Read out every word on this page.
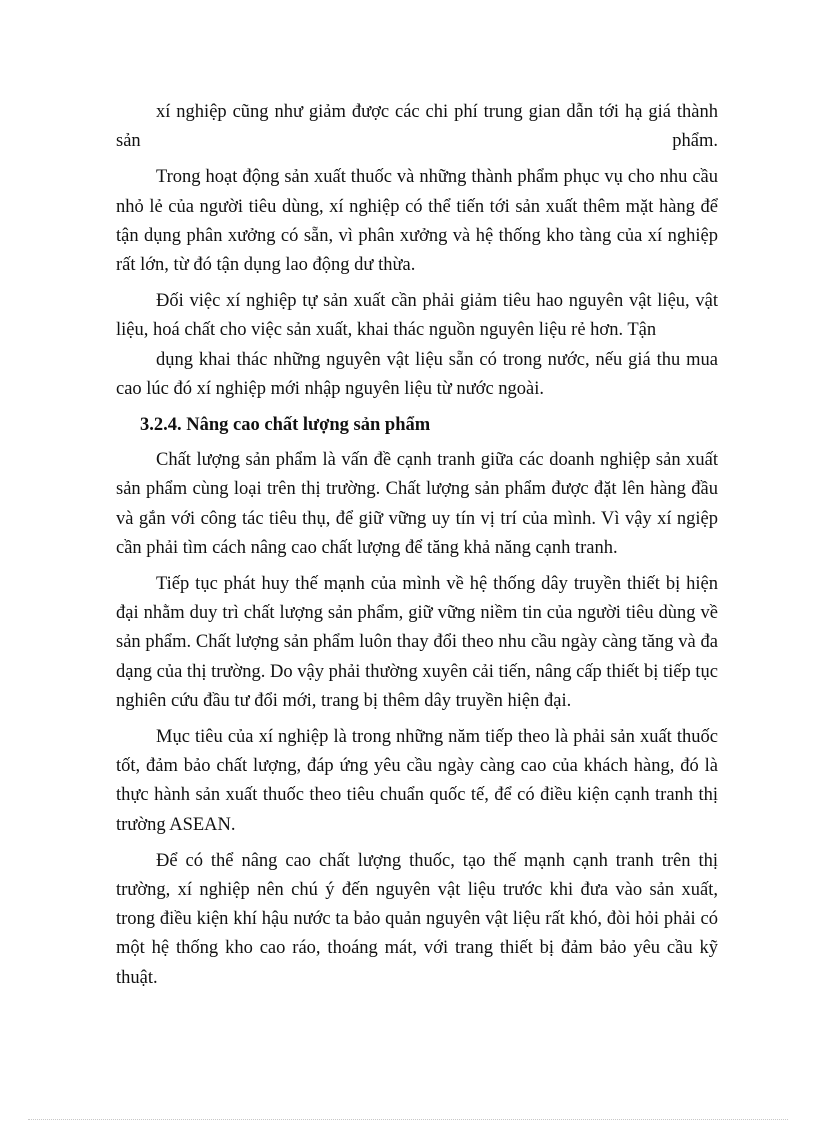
xí nghiệp cũng như giảm được các chi phí trung gian dẫn tới hạ giá thành

sản	phẩm.

Trong hoạt động sản xuất thuốc và những thành phẩm phục vụ cho nhu cầu nhỏ lẻ của người tiêu dùng, xí nghiệp có thể tiến tới sản xuất thêm mặt hàng để tận dụng phân xưởng có sẵn, vì phân xưởng và hệ thống kho tàng của xí nghiệp rất lớn, từ đó tận dụng lao động dư thừa.

Đối việc xí nghiệp tự sản xuất cần phải giảm tiêu hao nguyên vật liệu, vật liệu, hoá chất cho việc sản xuất, khai thác nguồn nguyên liệu rẻ hơn. Tận

dụng khai thác những nguyên vật liệu sẵn có trong nước, nếu giá thu mua cao lúc đó xí nghiệp mới nhập nguyên liệu từ nước ngoài.

3.2.4. Nâng cao chất lượng sản phẩm

Chất lượng sản phẩm là vấn đề cạnh tranh giữa các doanh nghiệp sản xuất sản phẩm cùng loại trên thị trường. Chất lượng sản phẩm được đặt lên hàng đầu và gắn với công tác tiêu thụ, để giữ vững uy tín vị trí của mình. Vì vậy xí ngiệp cần phải tìm cách nâng cao chất lượng để tăng khả năng cạnh tranh.

Tiếp tục phát huy thế mạnh của mình về hệ thống dây truyền thiết bị hiện đại nhằm duy trì chất lượng sản phẩm, giữ vững niềm tin của người tiêu dùng về sản phẩm. Chất lượng sản phẩm luôn thay đổi theo nhu cầu ngày càng tăng và đa dạng của thị trường. Do vậy phải thường xuyên cải tiến, nâng cấp thiết bị tiếp tục nghiên cứu đầu tư đổi mới, trang bị thêm dây truyền hiện đại.

Mục tiêu của xí nghiệp là trong những năm tiếp theo là phải sản xuất thuốc tốt, đảm bảo chất lượng, đáp ứng yêu cầu ngày càng cao của khách hàng, đó là thực hành sản xuất thuốc theo tiêu chuẩn quốc tế, để có điều kiện cạnh tranh thị trường ASEAN.

Để có thể nâng cao chất lượng thuốc, tạo thế mạnh cạnh tranh trên thị trường, xí nghiệp nên chú ý đến nguyên vật liệu trước khi đưa vào sản xuất, trong điều kiện khí hậu nước ta bảo quản nguyên vật liệu rất khó, đòi hỏi phải có một hệ thống kho cao ráo, thoáng mát, với trang thiết bị đảm bảo yêu cầu kỹ thuật.
